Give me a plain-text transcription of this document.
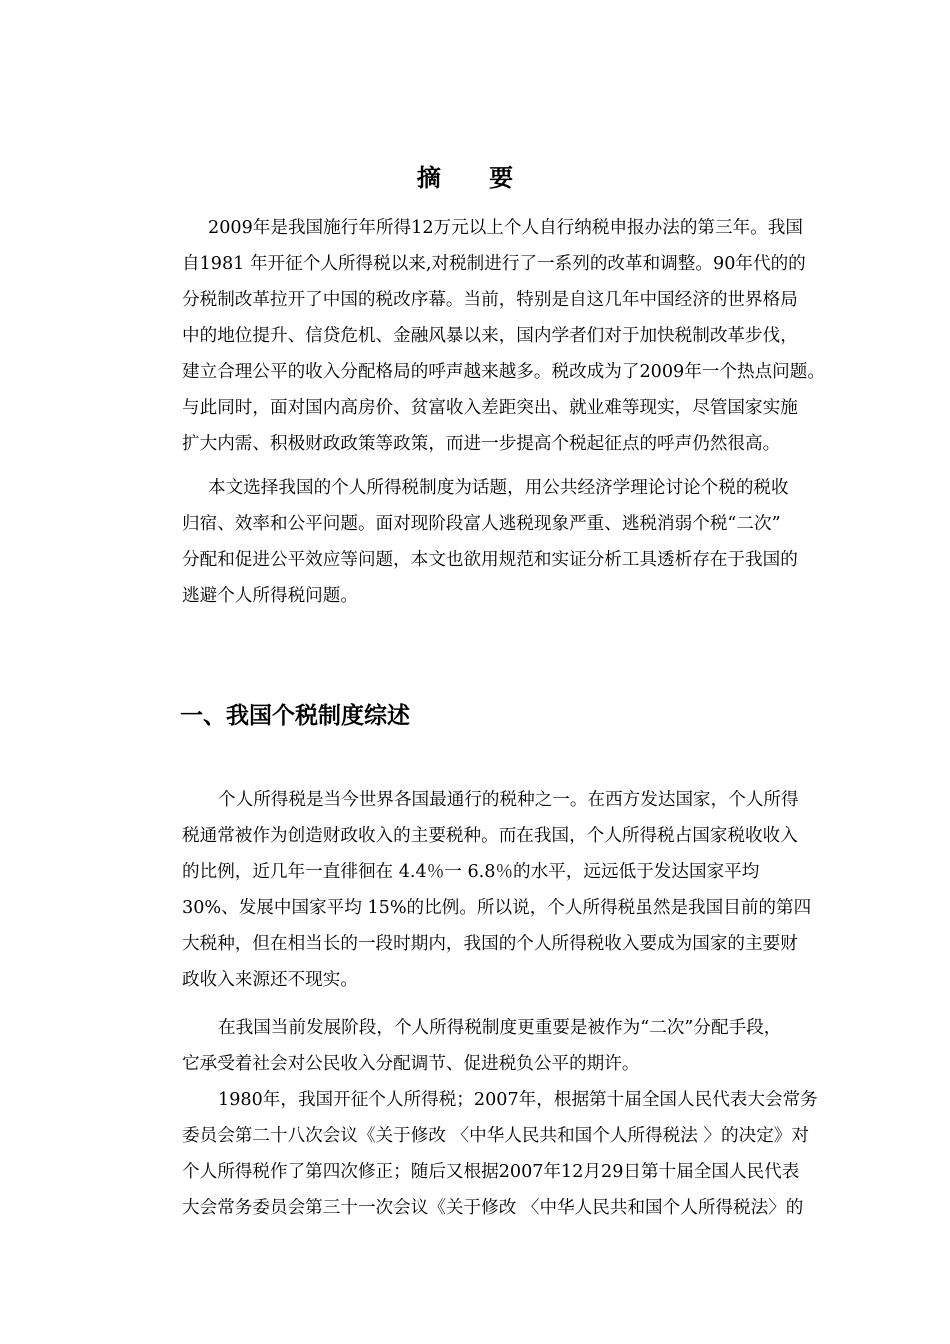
摘 要
2009年是我国施行年所得12万元以上个人自行纳税申报办法的第三年。我国
自1981 年开征个人所得税以来,对税制进行了一系列的改革和调整。90年代的的
分税制改革拉开了中国的税改序幕。当前，特别是自这几年中国经济的世界格局
中的地位提升、信贷危机、金融风暴以来，国内学者们对于加快税制改革步伐，
建立合理公平的收入分配格局的呼声越来越多。税改成为了2009年一个热点问题。
与此同时，面对国内高房价、贫富收入差距突出、就业难等现实，尽管国家实施
扩大内需、积极财政政策等政策，而进一步提高个税起征点的呼声仍然很高。
本文选择我国的个人所得税制度为话题，用公共经济学理论讨论个税的税收
归宿、效率和公平问题。面对现阶段富人逃税现象严重、逃税消弱个税“二次”
分配和促进公平效应等问题，本文也欲用规范和实证分析工具透析存在于我国的
逃避个人所得税问题。
一、我国个税制度综述
个人所得税是当今世界各国最通行的税种之一。在西方发达国家，个人所得
税通常被作为创造财政收入的主要税种。而在我国，个人所得税占国家税收收入
的比例，近几年一直徘徊在 4.4％一 6.8％的水平，远远低于发达国家平均
30%、发展中国家平均 15%的比例。所以说，个人所得税虽然是我国目前的第四
大税种，但在相当长的一段时期内，我国的个人所得税收入要成为国家的主要财
政收入来源还不现实。
在我国当前发展阶段，个人所得税制度更重要是被作为“二次”分配手段，
它承受着社会对公民收入分配调节、促进税负公平的期许。
1980年，我国开征个人所得税；2007年，根据第十届全国人民代表大会常务
委员会第二十八次会议《关于修改 〈中华人民共和国个人所得税法 〉的决定》对
个人所得税作了第四次修正；随后又根据2007年12月29日第十届全国人民代表
大会常务委员会第三十一次会议《关于修改 〈中华人民共和国个人所得税法〉的
